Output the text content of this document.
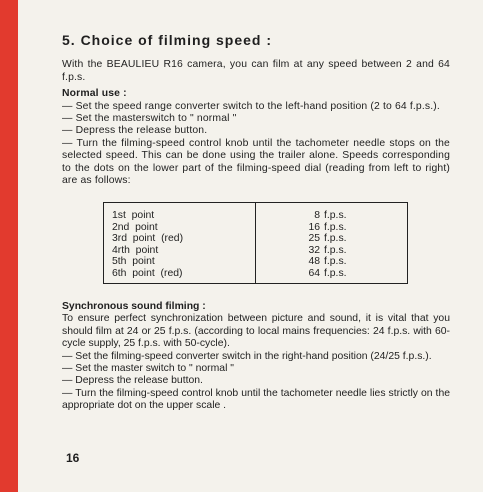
5. Choice of filming speed :

With the BEAULIEU R16 camera, you can film at any speed between 2 and 64 f.p.s.

Normal use :

— Set the speed range converter switch to the left-hand position (2 to 64 f.p.s.).

— Set the masterswitch to " normal "

— Depress the release button.

— Turn the filming-speed control knob until the tachometer needle stops on the selected speed. This can be done using the trailer alone. Speeds corresponding to the dots on the lower part of the filming-speed dial (reading from left to right) are as follows:

1st  point
2nd  point
3rd  point  (red)
4rth  point
5th  point
6th  point  (red)
8 f.p.s.
16 f.p.s.
25 f.p.s.
32 f.p.s.
48 f.p.s.
64 f.p.s.

Synchronous sound filming :

To ensure perfect synchronization between picture and sound, it is vital that you should film at 24 or 25 f.p.s. (according to local mains frequencies: 24 f.p.s. with 60-cycle supply, 25 f.p.s. with 50-cycle).

— Set the filming-speed converter switch in the right-hand position (24/25 f.p.s.).

— Set the master switch to " normal "

— Depress the release button.

— Turn the filming-speed control knob until the tachometer needle lies strictly on the appropriate dot on the upper scale .

16
